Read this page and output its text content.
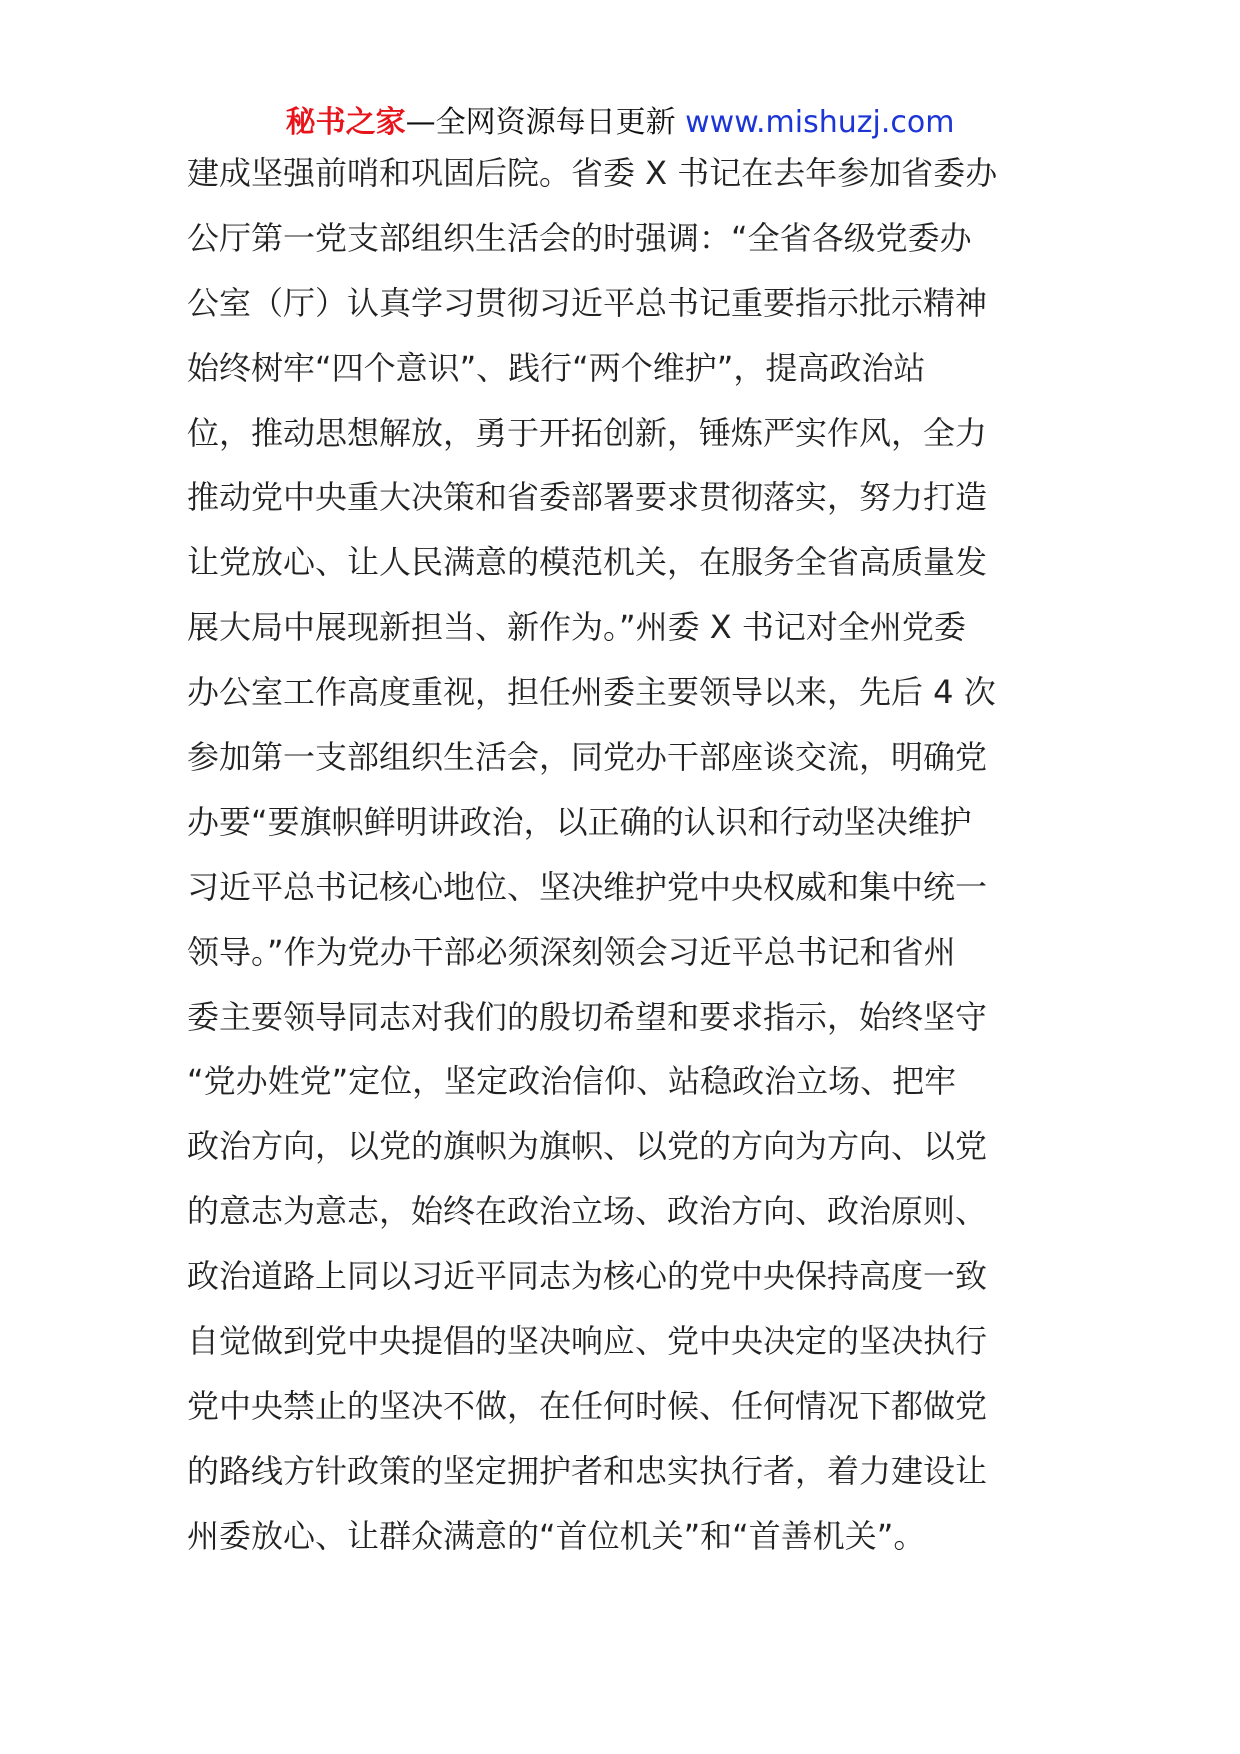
秘书之家—全网资源每日更新 www.mishuzj.com
建成坚强前哨和巩固后院。省委 X 书记在去年参加省委办
公厅第一党支部组织生活会的时强调：“全省各级党委办
公室（厅）认真学习贯彻习近平总书记重要指示批示精神
始终树牢“四个意识”、践行“两个维护”，提高政治站
位，推动思想解放，勇于开拓创新，锤炼严实作风，全力
推动党中央重大决策和省委部署要求贯彻落实，努力打造
让党放心、让人民满意的模范机关，在服务全省高质量发
展大局中展现新担当、新作为。”州委 X 书记对全州党委
办公室工作高度重视，担任州委主要领导以来，先后 4 次
参加第一支部组织生活会，同党办干部座谈交流，明确党
办要“要旗帜鲜明讲政治，以正确的认识和行动坚决维护
习近平总书记核心地位、坚决维护党中央权威和集中统一
领导。”作为党办干部必须深刻领会习近平总书记和省州
委主要领导同志对我们的殷切希望和要求指示，始终坚守
“党办姓党”定位，坚定政治信仰、站稳政治立场、把牢
政治方向，以党的旗帜为旗帜、以党的方向为方向、以党
的意志为意志，始终在政治立场、政治方向、政治原则、
政治道路上同以习近平同志为核心的党中央保持高度一致
自觉做到党中央提倡的坚决响应、党中央决定的坚决执行
党中央禁止的坚决不做，在任何时候、任何情况下都做党
的路线方针政策的坚定拥护者和忠实执行者，着力建设让
州委放心、让群众满意的“首位机关”和“首善机关”。
